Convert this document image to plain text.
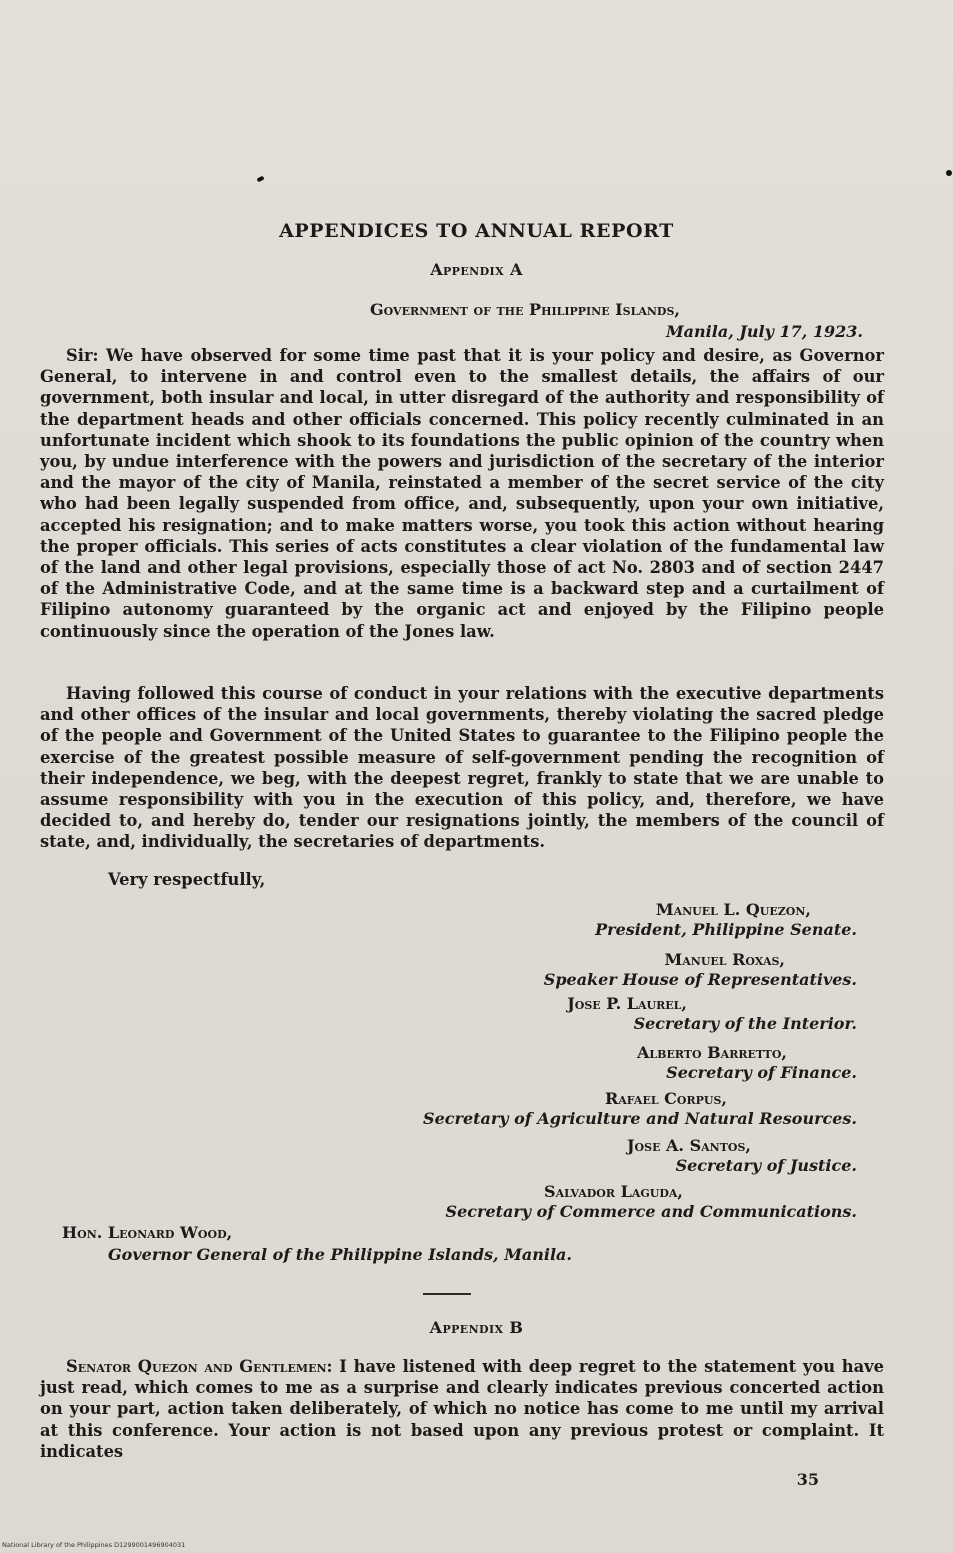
APPENDICES TO ANNUAL REPORT
Appendix A
Government of the Philippine Islands,
Manila, July 17, 1923.

Sir: We have observed for some time past that it is your policy and desire, as Governor General, to intervene in and control even to the smallest details, the affairs of our government, both insular and local, in utter disregard of the authority and responsibility of the department heads and other officials concerned. This policy recently culminated in an unfortunate incident which shook to its foundations the public opinion of the country when you, by undue interference with the powers and jurisdiction of the secretary of the interior and the mayor of the city of Manila, reinstated a member of the secret service of the city who had been legally suspended from office, and, subsequently, upon your own initiative, accepted his resignation; and to make matters worse, you took this action without hearing the proper officials. This series of acts constitutes a clear violation of the fundamental law of the land and other legal provisions, especially those of act No. 2803 and of section 2447 of the Administrative Code, and at the same time is a backward step and a curtailment of Filipino autonomy guaranteed by the organic act and enjoyed by the Filipino people continuously since the operation of the Jones law.

Having followed this course of conduct in your relations with the executive departments and other offices of the insular and local governments, thereby violating the sacred pledge of the people and Government of the United States to guarantee to the Filipino people the exercise of the greatest possible measure of self-government pending the recognition of their independence, we beg, with the deepest regret, frankly to state that we are unable to assume responsibility with you in the execution of this policy, and, therefore, we have decided to, and hereby do, tender our resignations jointly, the members of the council of state, and, individually, the secretaries of departments.

Very respectfully,
Manuel L. Quezon,
President, Philippine Senate.
Manuel Roxas,
Speaker House of Representatives.
Jose P. Laurel,
Secretary of the Interior.
Alberto Barretto,
Secretary of Finance.
Rafael Corpus,
Secretary of Agriculture and Natural Resources.
Jose A. Santos,
Secretary of Justice.
Salvador Laguda,
Secretary of Commerce and Communications.
Hon. Leonard Wood,
Governor General of the Philippine Islands, Manila.
Appendix B

Senator Quezon and Gentlemen: I have listened with deep regret to the statement you have just read, which comes to me as a surprise and clearly indicates previous concerted action on your part, action taken deliberately, of which no notice has come to me until my arrival at this conference. Your action is not based upon any previous protest or complaint. It indicates

35
National Library of the Philippines D1299001496904031
